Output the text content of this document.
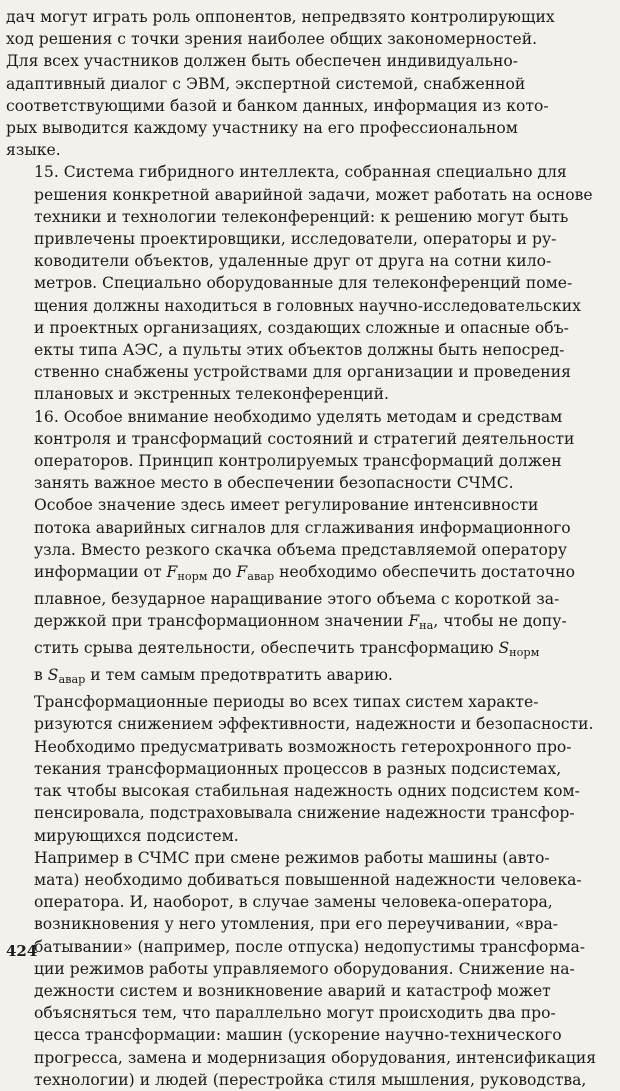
дач могут играть роль оппонентов, непредвзято контролирующих
ход решения с точки зрения наиболее общих закономерностей.
Для всех участников должен быть обеспечен индивидуально-
адаптивный диалог с ЭВМ, экспертной системой, снабженной
соответствующими базой и банком данных, информация из кото-
рых выводится каждому участнику на его профессиональном
языке.
15. Система гибридного интеллекта, собранная специально для
решения конкретной аварийной задачи, может работать на основе
техники и технологии телеконференций: к решению могут быть
привлечены проектировщики, исследователи, операторы и ру-
ководители объектов, удаленные друг от друга на сотни кило-
метров. Специально оборудованные для телеконференций поме-
щения должны находиться в головных научно-исследовательских
и проектных организациях, создающих сложные и опасные объ-
екты типа АЭС, а пульты этих объектов должны быть непосред-
ственно снабжены устройствами для организации и проведения
плановых и экстренных телеконференций.
16. Особое внимание необходимо уделять методам и средствам
контроля и трансформаций состояний и стратегий деятельности
операторов. Принцип контролируемых трансформаций должен
занять важное место в обеспечении безопасности СЧМС.
Особое значение здесь имеет регулирование интенсивности
потока аварийных сигналов для сглаживания информационного
узла. Вместо резкого скачка объема представляемой оператору
информации от $F_{норм}$ до $F_{авар}$ необходимо обеспечить достаточно
плавное, безударное наращивание этого объема с короткой за-
держкой при трансформационном значении $F_{на}$, чтобы не допу-
стить срыва деятельности, обеспечить трансформацию $S_{норм}$
в $S_{авар}$ и тем самым предотвратить аварию.
Трансформационные периоды во всех типах систем характе-
ризуются снижением эффективности, надежности и безопасности.
Необходимо предусматривать возможность гетерохронного про-
текания трансформационных процессов в разных подсистемах,
так чтобы высокая стабильная надежность одних подсистем ком-
пенсировала, подстраховывала снижение надежности трансфор-
мирующихся подсистем.
Например в СЧМС при смене режимов работы машины (авто-
мата) необходимо добиваться повышенной надежности человека-
оператора. И, наоборот, в случае замены человека-оператора,
возникновения у него утомления, при его переучивании, «вра-
батывании» (например, после отпуска) недопустимы трансформа-
ции режимов работы управляемого оборудования. Снижение на-
дежности систем и возникновение аварий и катастроф может
объясняться тем, что параллельно могут происходить два про-
цесса трансформации: машин (ускорение научно-технического
прогресса, замена и модернизация оборудования, интенсификация
технологии) и людей (перестройка стиля мышления, руководства,
424
